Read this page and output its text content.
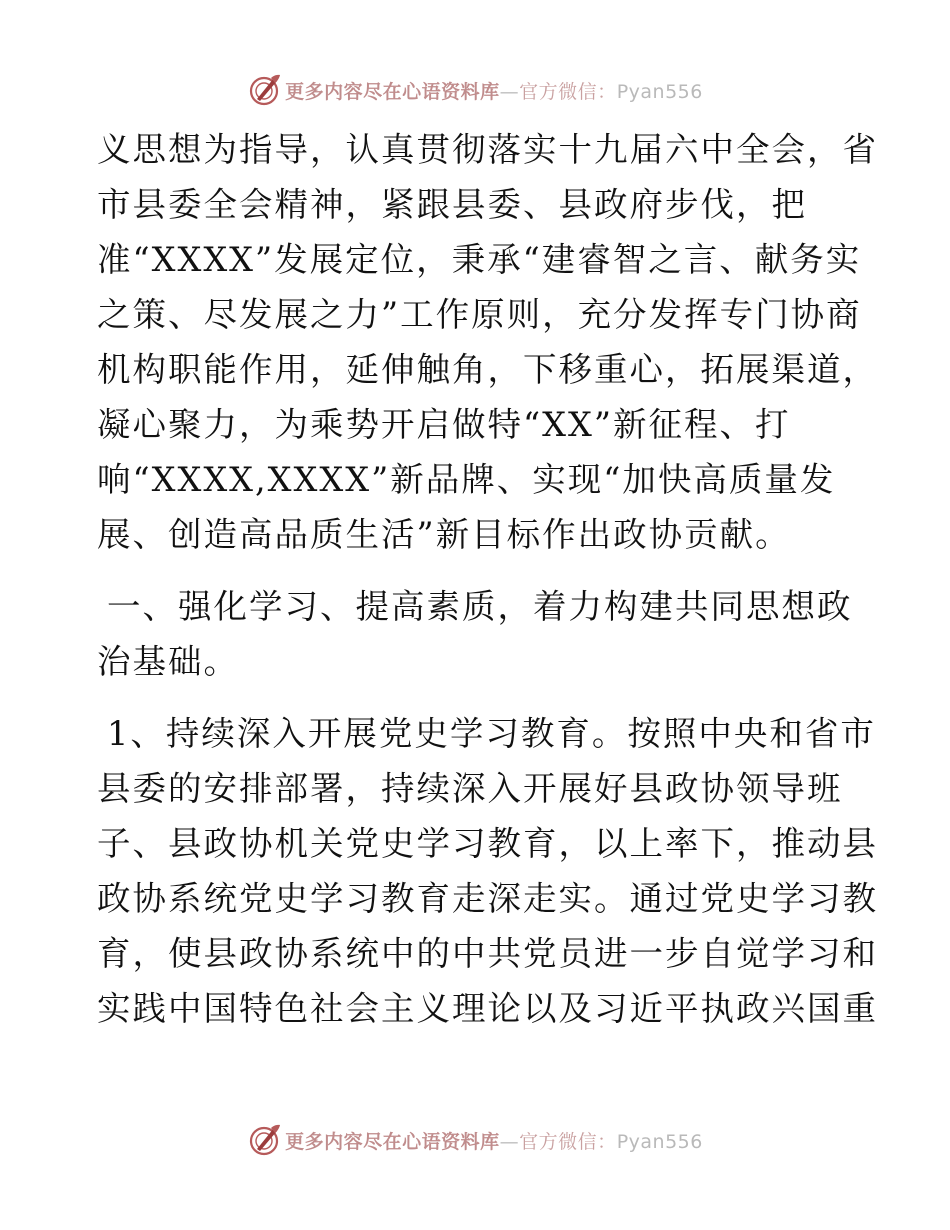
更多内容尽在心语资料库—官方微信：Pyan556
义思想为指导，认真贯彻落实十九届六中全会，省
市县委全会精神，紧跟县委、县政府步伐，把
准“XXXX”发展定位，秉承“建睿智之言、献务实
之策、尽发展之力”工作原则，充分发挥专门协商
机构职能作用，延伸触角，下移重心，拓展渠道，
凝心聚力，为乘势开启做特“XX”新征程、打
响“XXXX,XXXX”新品牌、实现“加快高质量发
展、创造高品质生活”新目标作出政协贡献。
一、强化学习、提高素质，着力构建共同思想政
治基础。
1、持续深入开展党史学习教育。按照中央和省市
县委的安排部署，持续深入开展好县政协领导班
子、县政协机关党史学习教育，以上率下，推动县
政协系统党史学习教育走深走实。通过党史学习教
育，使县政协系统中的中共党员进一步自觉学习和
实践中国特色社会主义理论以及习近平执政兴国重
更多内容尽在心语资料库—官方微信：Pyan556
